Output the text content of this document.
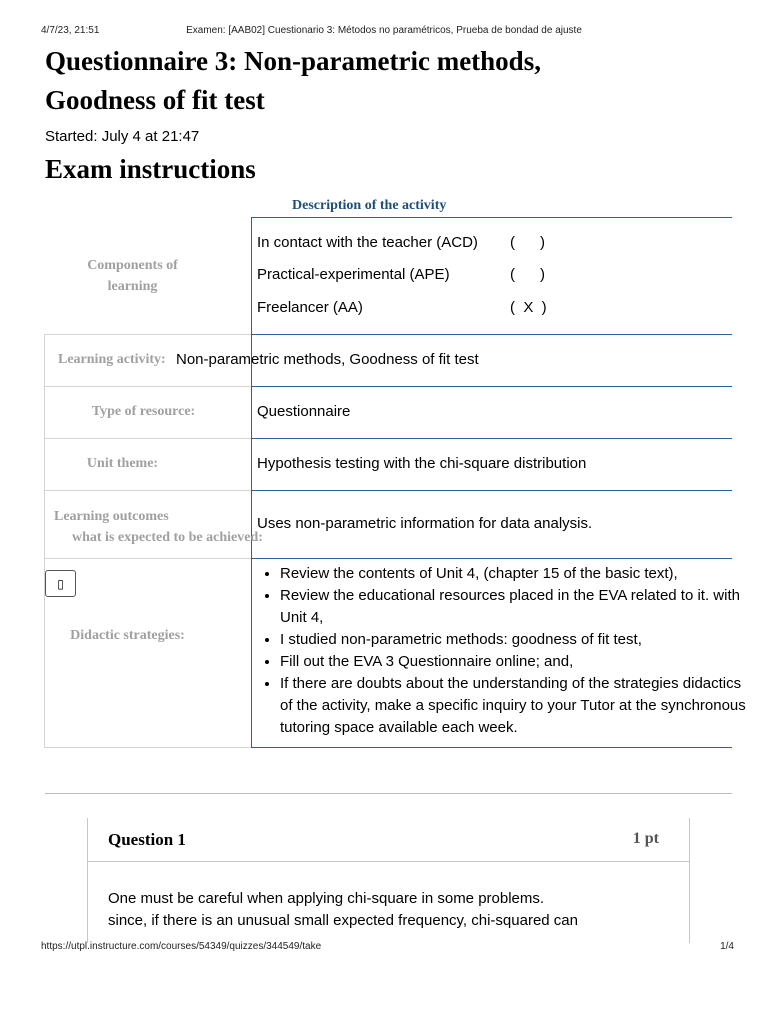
4/7/23, 21:51	Examen: [AAB02] Cuestionario 3: Métodos no paramétricos, Prueba de bondad de ajuste
Questionnaire 3: Non-parametric methods,
Goodness of fit test
Started: July 4 at 21:47
Exam instructions
Description of the activity
Components of
learning
In contact with the teacher (ACD) (      )
Practical-experimental (APE)	(      )
Freelancer (AA)	(  X  )
Learning activity: Non-parametric methods, Goodness of fit test
Type of resource:	Questionnaire
Unit theme:	Hypothesis testing with the chi-square distribution
Learning outcomes
what is expected to be achieved:
Uses non-parametric information for data analysis.
▯
Didactic strategies:
• Review the contents of Unit 4, (chapter 15 of the basic text),
• Review the educational resources placed in the EVA related to it. with Unit 4,
• I studied non-parametric methods: goodness of fit test,
• Fill out the EVA 3 Questionnaire online; and,
• If there are doubts about the understanding of the strategies didactics of the activity, make a specific inquiry to your Tutor at the synchronous tutoring space available each week.
Question 1	1 pt
One must be careful when applying chi-square in some problems.
since, if there is an unusual small expected frequency, chi-squared can
https://utpl.instructure.com/courses/54349/quizzes/344549/take	1/4
